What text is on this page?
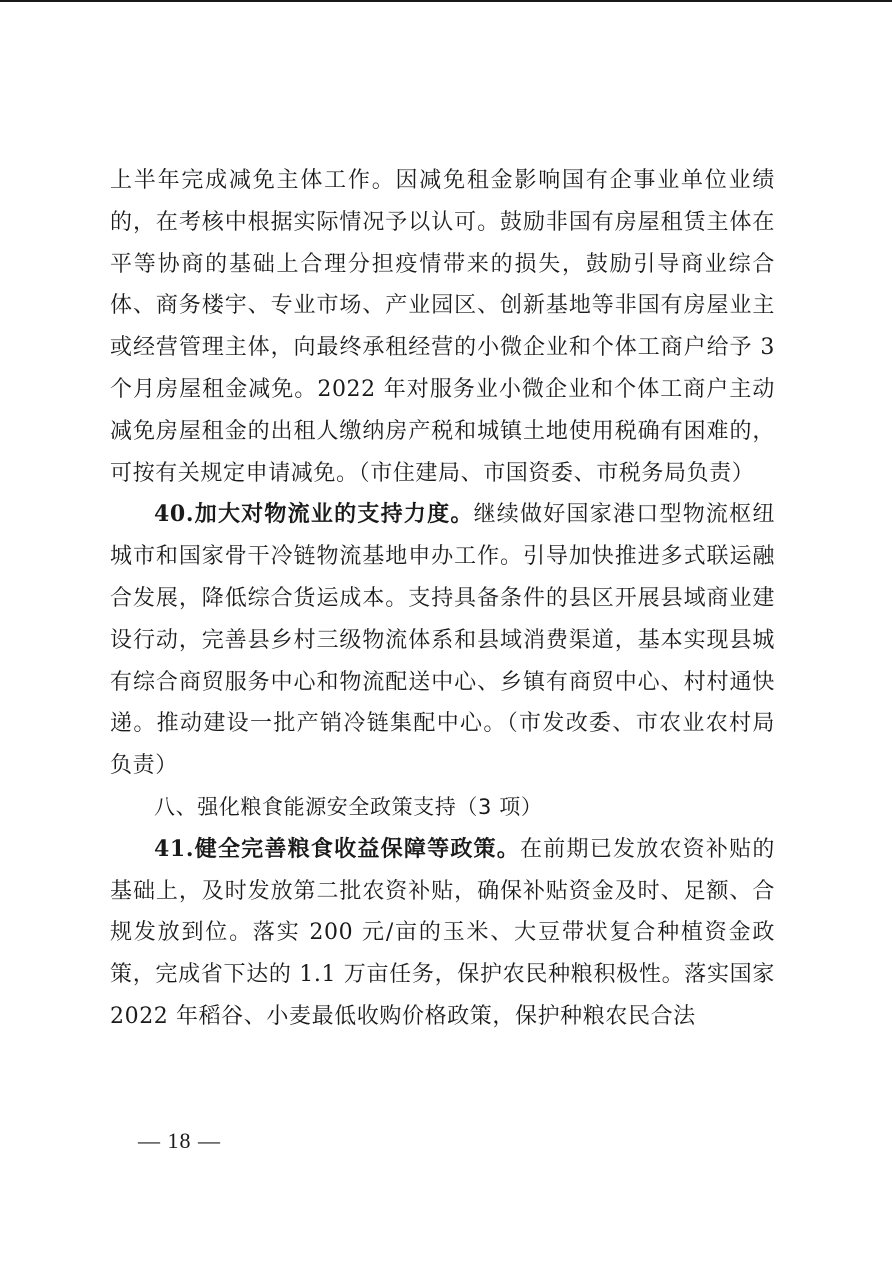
上半年完成减免主体工作。因减免租金影响国有企事业单位业绩的，在考核中根据实际情况予以认可。鼓励非国有房屋租赁主体在平等协商的基础上合理分担疫情带来的损失，鼓励引导商业综合体、商务楼宇、专业市场、产业园区、创新基地等非国有房屋业主或经营管理主体，向最终承租经营的小微企业和个体工商户给予 3 个月房屋租金减免。2022 年对服务业小微企业和个体工商户主动减免房屋租金的出租人缴纳房产税和城镇土地使用税确有困难的，可按有关规定申请减免。（市住建局、市国资委、市税务局负责）

40.加大对物流业的支持力度。继续做好国家港口型物流枢纽城市和国家骨干冷链物流基地申办工作。引导加快推进多式联运融合发展，降低综合货运成本。支持具备条件的县区开展县域商业建设行动，完善县乡村三级物流体系和县域消费渠道，基本实现县城有综合商贸服务中心和物流配送中心、乡镇有商贸中心、村村通快递。推动建设一批产销冷链集配中心。（市发改委、市农业农村局负责）

八、强化粮食能源安全政策支持（3 项）

41.健全完善粮食收益保障等政策。在前期已发放农资补贴的基础上，及时发放第二批农资补贴，确保补贴资金及时、足额、合规发放到位。落实 200 元/亩的玉米、大豆带状复合种植资金政策，完成省下达的 1.1 万亩任务，保护农民种粮积极性。落实国家 2022 年稻谷、小麦最低收购价格政策，保护种粮农民合法

— 18 —
